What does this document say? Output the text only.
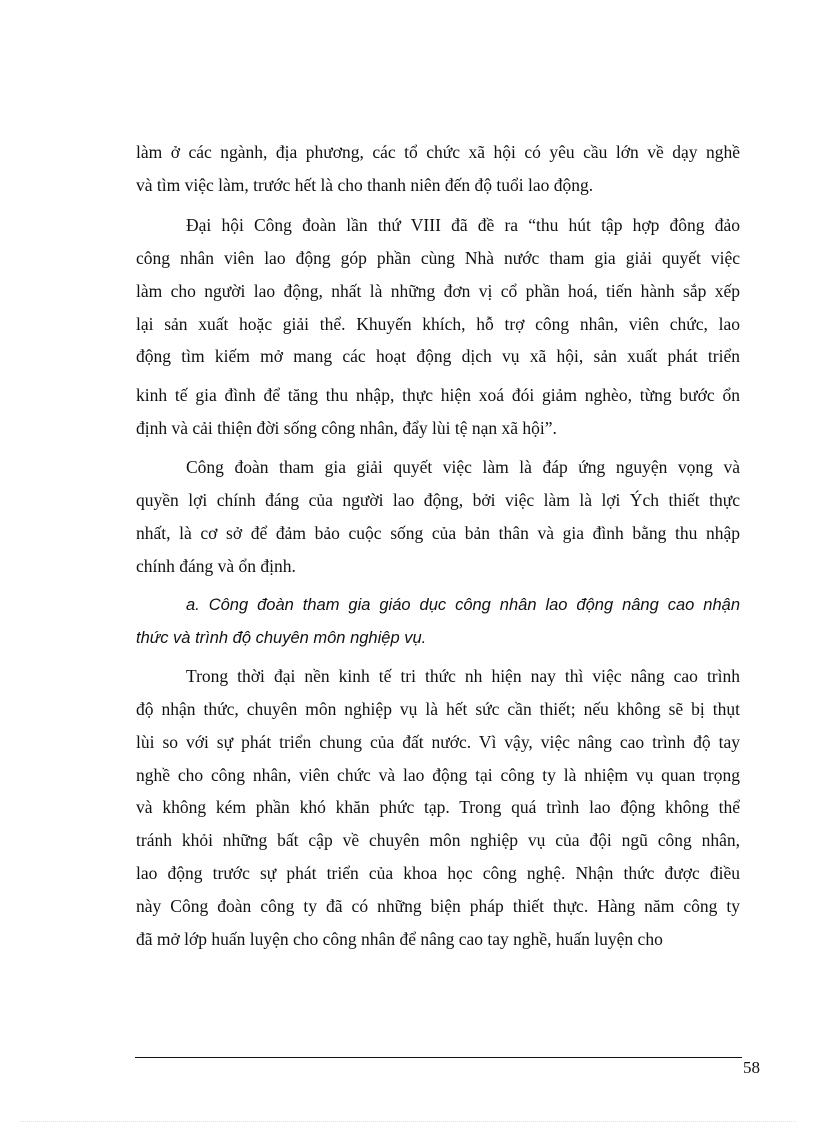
làm ở các ngành, địa phương, các tổ chức xã hội có yêu cầu lớn về dạy nghề
và tìm việc làm, trước hết là cho thanh niên đến độ tuổi lao động.
Đại hội Công đoàn lần thứ VIII đã đề ra “thu hút tập hợp đông đảo
công nhân viên lao động góp phần cùng Nhà nước tham gia giải quyết việc
làm cho người lao động, nhất là những đơn vị cổ phần hoá, tiến hành sắp xếp
lại sản xuất hoặc giải thể. Khuyến khích, hỗ trợ công nhân, viên chức, lao
động tìm kiếm mở mang các hoạt động dịch vụ xã hội, sản xuất phát triển
kinh tế gia đình để tăng thu nhập, thực hiện xoá đói giảm nghèo, từng bước ổn
định và cải thiện đời sống công nhân, đẩy lùi tệ nạn xã hội”.
Công đoàn tham gia giải quyết việc làm là đáp ứng nguyện vọng và
quyền lợi chính đáng của người lao động, bởi việc làm là lợi Ých thiết thực
nhất, là cơ sở để đảm bảo cuộc sống của bản thân và gia đình bằng thu nhập
chính đáng và ổn định.
a. Công đoàn tham gia giáo dục công nhân lao động nâng cao nhận
thức và trình độ chuyên môn nghiệp vụ.
Trong thời đại nền kinh tế tri thức nh hiện nay thì việc nâng cao trình
độ nhận thức, chuyên môn nghiệp vụ là hết sức cần thiết; nếu không sẽ bị thụt
lùi so với sự phát triển chung của đất nước. Vì vậy, việc nâng cao trình độ tay
nghề cho công nhân, viên chức và lao động tại công ty là nhiệm vụ quan trọng
và không kém phần khó khăn phức tạp. Trong quá trình lao động không thể
tránh khỏi những bất cập về chuyên môn nghiệp vụ của đội ngũ công nhân,
lao động trước sự phát triển của khoa học công nghệ. Nhận thức được điều
này Công đoàn công ty đã có những biện pháp thiết thực. Hàng năm công ty
đã mở lớp huấn luyện cho công nhân để nâng cao tay nghề, huấn luyện cho
58
